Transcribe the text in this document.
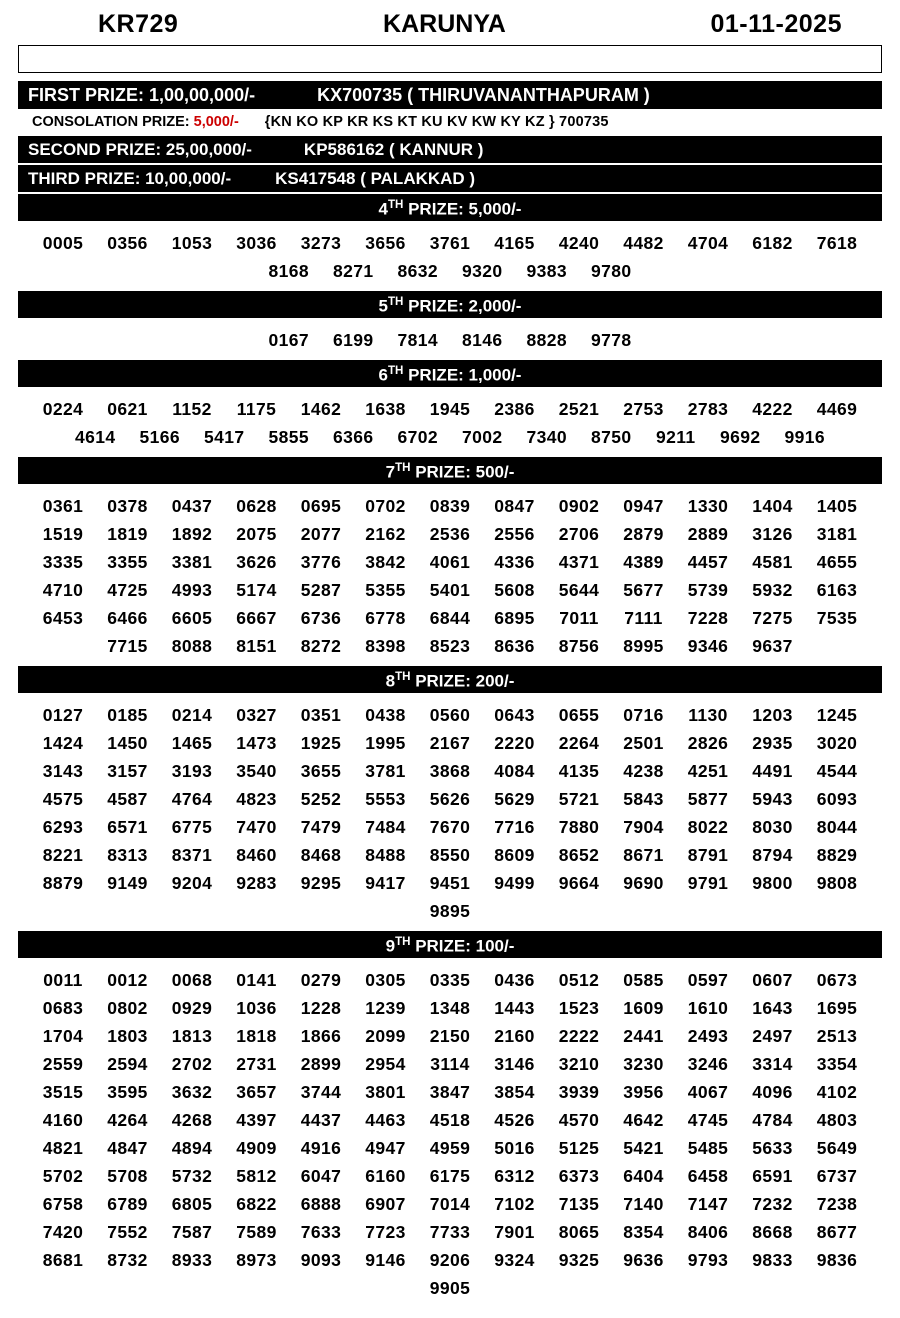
KR729	KARUNYA	01-11-2025
FIRST PRIZE: 1,00,00,000/-	KX700735 ( THIRUVANANTHAPURAM )
CONSOLATION PRIZE: 5,000/- {KN KO KP KR KS KT KU KV KW KY KZ } 700735
SECOND PRIZE: 25,00,000/-	KP586162 ( KANNUR )
THIRD PRIZE: 10,00,000/-	KS417548 ( PALAKKAD )
4TH PRIZE: 5,000/-
0005	0356	1053	3036	3273	3656	3761	4165	4240	4482	4704	6182	7618
8168	8271	8632	9320	9383	9780
5TH PRIZE: 2,000/-
0167	6199	7814	8146	8828	9778
6TH PRIZE: 1,000/-
0224	0621	1152	1175	1462	1638	1945	2386	2521	2753	2783	4222	4469
4614	5166	5417	5855	6366	6702	7002	7340	8750	9211	9692	9916
7TH PRIZE: 500/-
0361	0378	0437	0628	0695	0702	0839	0847	0902	0947	1330	1404	1405
1519	1819	1892	2075	2077	2162	2536	2556	2706	2879	2889	3126	3181
3335	3355	3381	3626	3776	3842	4061	4336	4371	4389	4457	4581	4655
4710	4725	4993	5174	5287	5355	5401	5608	5644	5677	5739	5932	6163
6453	6466	6605	6667	6736	6778	6844	6895	7011	7111	7228	7275	7535
7715	8088	8151	8272	8398	8523	8636	8756	8995	9346	9637
8TH PRIZE: 200/-
0127	0185	0214	0327	0351	0438	0560	0643	0655	0716	1130	1203	1245
1424	1450	1465	1473	1925	1995	2167	2220	2264	2501	2826	2935	3020
3143	3157	3193	3540	3655	3781	3868	4084	4135	4238	4251	4491	4544
4575	4587	4764	4823	5252	5553	5626	5629	5721	5843	5877	5943	6093
6293	6571	6775	7470	7479	7484	7670	7716	7880	7904	8022	8030	8044
8221	8313	8371	8460	8468	8488	8550	8609	8652	8671	8791	8794	8829
8879	9149	9204	9283	9295	9417	9451	9499	9664	9690	9791	9800	9808
9895
9TH PRIZE: 100/-
0011	0012	0068	0141	0279	0305	0335	0436	0512	0585	0597	0607	0673
0683	0802	0929	1036	1228	1239	1348	1443	1523	1609	1610	1643	1695
1704	1803	1813	1818	1866	2099	2150	2160	2222	2441	2493	2497	2513
2559	2594	2702	2731	2899	2954	3114	3146	3210	3230	3246	3314	3354
3515	3595	3632	3657	3744	3801	3847	3854	3939	3956	4067	4096	4102
4160	4264	4268	4397	4437	4463	4518	4526	4570	4642	4745	4784	4803
4821	4847	4894	4909	4916	4947	4959	5016	5125	5421	5485	5633	5649
5702	5708	5732	5812	6047	6160	6175	6312	6373	6404	6458	6591	6737
6758	6789	6805	6822	6888	6907	7014	7102	7135	7140	7147	7232	7238
7420	7552	7587	7589	7633	7723	7733	7901	8065	8354	8406	8668	8677
8681	8732	8933	8973	9093	9146	9206	9324	9325	9636	9793	9833	9836
9905
